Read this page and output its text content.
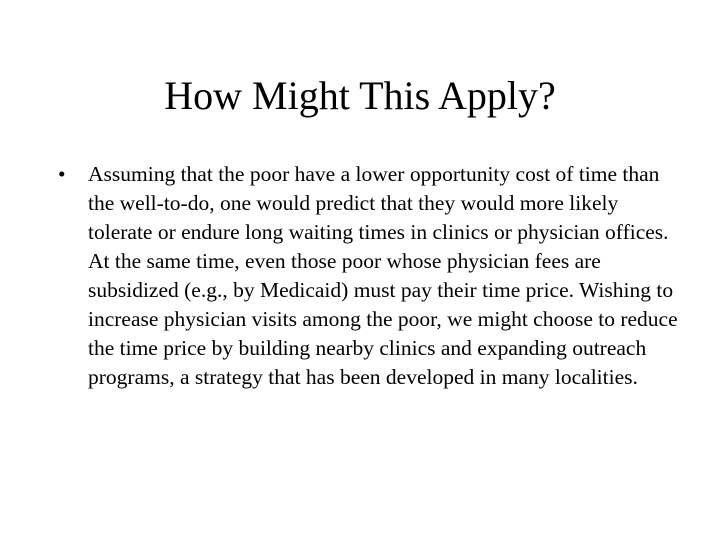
How Might This Apply?
•	Assuming that the poor have a lower opportunity cost of time than the well-to-do, one would predict that they would more likely tolerate or endure long waiting times in clinics or physician offices. At the same time, even those poor whose physician fees are subsidized (e.g., by Medicaid) must pay their time price. Wishing to increase physician visits among the poor, we might choose to reduce the time price by building nearby clinics and expanding outreach programs, a strategy that has been developed in many localities.
